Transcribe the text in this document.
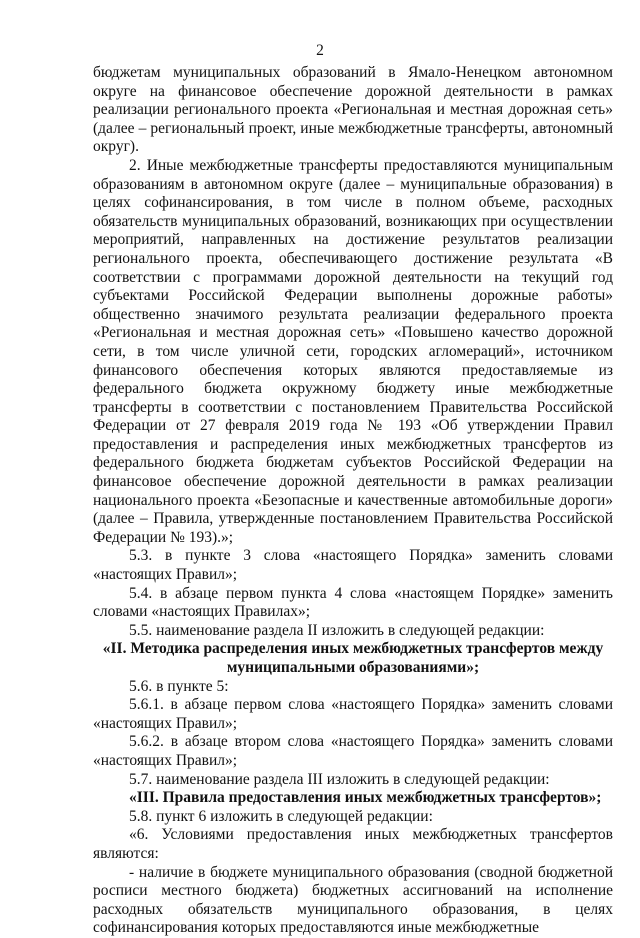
2

бюджетам муниципальных образований в Ямало-Ненецком автономном округе на финансовое обеспечение дорожной деятельности в рамках реализации регионального проекта «Региональная и местная дорожная сеть» (далее – региональный проект, иные межбюджетные трансферты, автономный округ).

2. Иные межбюджетные трансферты предоставляются муниципальным образованиям в автономном округе (далее – муниципальные образования) в целях софинансирования, в том числе в полном объеме, расходных обязательств муниципальных образований, возникающих при осуществлении мероприятий, направленных на достижение результатов реализации регионального проекта, обеспечивающего достижение результата «В соответствии с программами дорожной деятельности на текущий год субъектами Российской Федерации выполнены дорожные работы» общественно значимого результата реализации федерального проекта «Региональная и местная дорожная сеть» «Повышено качество дорожной сети, в том числе уличной сети, городских агломераций», источником финансового обеспечения которых являются предоставляемые из федерального бюджета окружному бюджету иные межбюджетные трансферты в соответствии с постановлением Правительства Российской Федерации от 27 февраля 2019 года № 193 «Об утверждении Правил предоставления и распределения иных межбюджетных трансфертов из федерального бюджета бюджетам субъектов Российской Федерации на финансовое обеспечение дорожной деятельности в рамках реализации национального проекта «Безопасные и качественные автомобильные дороги» (далее – Правила, утвержденные постановлением Правительства Российской Федерации № 193).»;

5.3. в пункте 3 слова «настоящего Порядка» заменить словами «настоящих Правил»;

5.4. в абзаце первом пункта 4 слова «настоящем Порядке» заменить словами «настоящих Правилах»;

5.5. наименование раздела II изложить в следующей редакции:

«II. Методика распределения иных межбюджетных трансфертов между муниципальными образованиями»;

5.6. в пункте 5:

5.6.1. в абзаце первом слова «настоящего Порядка» заменить словами «настоящих Правил»;

5.6.2. в абзаце втором слова «настоящего Порядка» заменить словами «настоящих Правил»;

5.7. наименование раздела III изложить в следующей редакции:

«III. Правила предоставления иных межбюджетных трансфертов»;

5.8. пункт 6 изложить в следующей редакции:

«6. Условиями предоставления иных межбюджетных трансфертов являются:

- наличие в бюджете муниципального образования (сводной бюджетной росписи местного бюджета) бюджетных ассигнований на исполнение расходных обязательств муниципального образования, в целях софинансирования которых предоставляются иные межбюджетные
